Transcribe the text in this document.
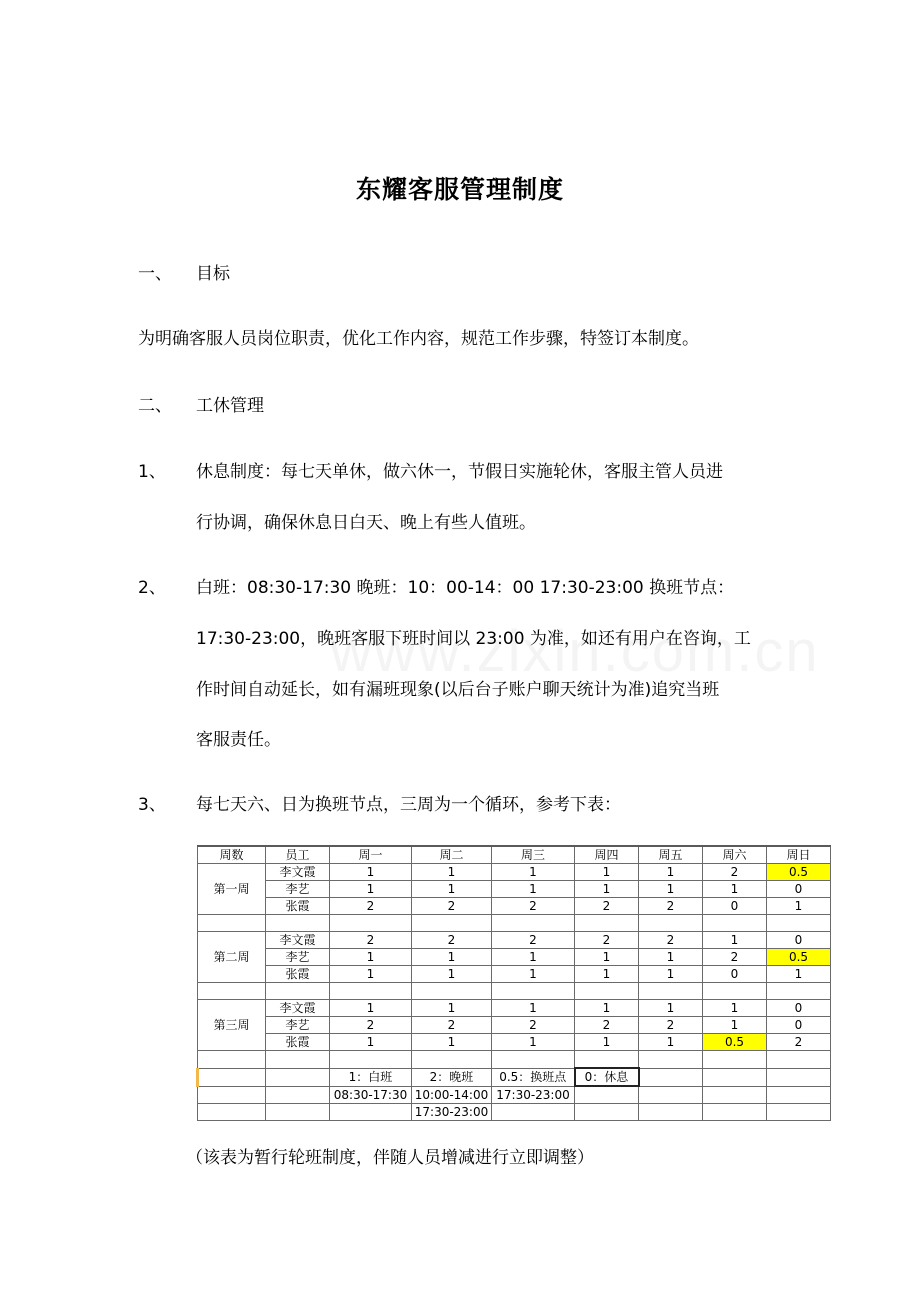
东耀客服管理制度
一、 目标
为明确客服人员岗位职责，优化工作内容，规范工作步骤，特签订本制度。
二、 工休管理
1、 休息制度：每七天单休，做六休一，节假日实施轮休，客服主管人员进
行协调，确保休息日白天、晚上有些人值班。
2、 白班：08:30-17:30 晚班：10：00-14：00 17:30-23:00 换班节点：
17:30-23:00，晚班客服下班时间以 23:00 为准，如还有用户在咨询，工
作时间自动延长，如有漏班现象(以后台子账户聊天统计为准)追究当班
客服责任。
3、 每七天六、日为换班节点，三周为一个循环，参考下表：
周数	员工	周一	周二	周三	周四	周五	周六	周日
第一周	李文霞	1	1	1	1	1	2	0.5
	李艺	1	1	1	1	1	1	0
	张霞	2	2	2	2	2	0	1

第二周	李文霞	2	2	2	2	2	1	0
	李艺	1	1	1	1	1	2	0.5
	张霞	1	1	1	1	1	0	1

第三周	李文霞	1	1	1	1	1	1	0
	李艺	2	2	2	2	2	1	0
	张霞	1	1	1	1	1	0.5	2

		1：白班	2：晚班	0.5：换班点	0：休息			
		08:30-17:30	10:00-14:00	17:30-23:00				
			17:30-23:00					
（该表为暂行轮班制度，伴随人员增减进行立即调整）
